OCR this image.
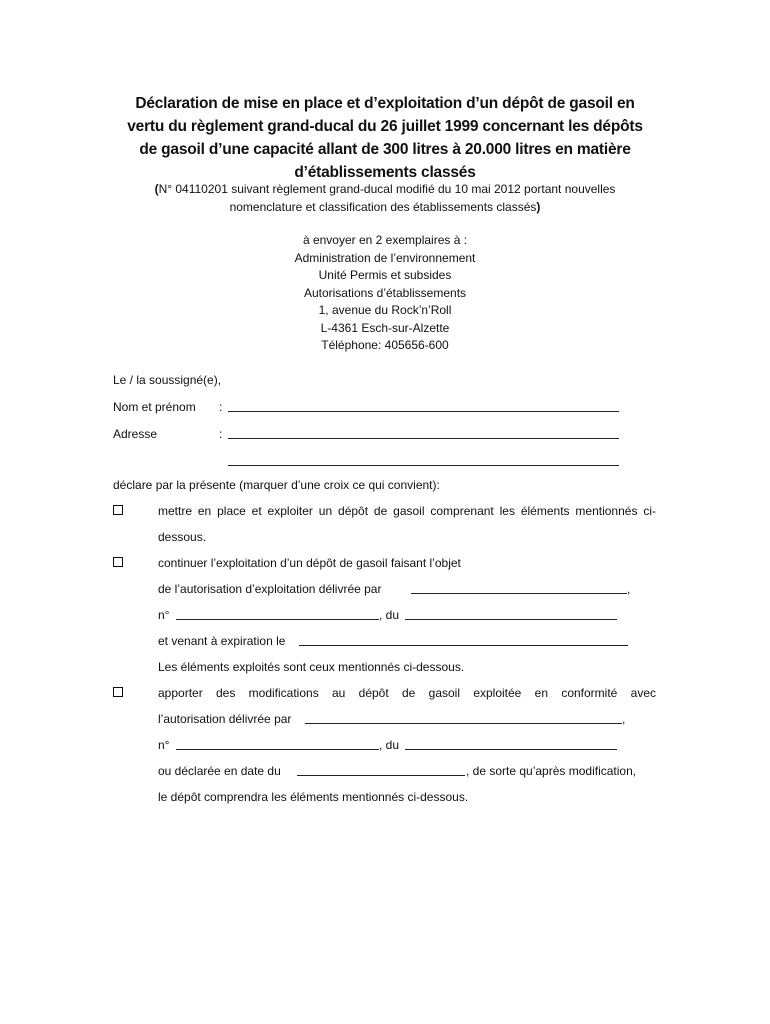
Déclaration de mise en place et d’exploitation d’un dépôt de gasoil en
vertu du règlement grand-ducal du 26 juillet 1999 concernant les dépôts
de gasoil d’une capacité allant de 300 litres à 20.000 litres en matière
d’établissements classés
(N° 04110201 suivant règlement grand-ducal modifié du 10 mai 2012 portant nouvelles
nomenclature et classification des établissements classés)
à envoyer en 2 exemplaires à :
Administration de l’environnement
Unité Permis et subsides
Autorisations d’établissements
1, avenue du Rock’n’Roll
L-4361 Esch-sur-Alzette
Téléphone: 405656-600
Le / la soussigné(e),
Nom et prénom :
Adresse	:
déclare par la présente (marquer d’une croix ce qui convient):
mettre en place et exploiter un dépôt de gasoil comprenant les éléments mentionnés ci-
dessous.
continuer l’exploitation d’un dépôt de gasoil faisant l’objet
de l’autorisation d’exploitation délivrée par	,
n°	, du
et venant à expiration le
Les éléments exploités sont ceux mentionnés ci-dessous.
apporter des modifications au dépôt de gasoil exploitée en conformité avec
l’autorisation délivrée par	,
n°	, du
ou déclarée en date du	, de sorte qu’après modification,
le dépôt comprendra les éléments mentionnés ci-dessous.
